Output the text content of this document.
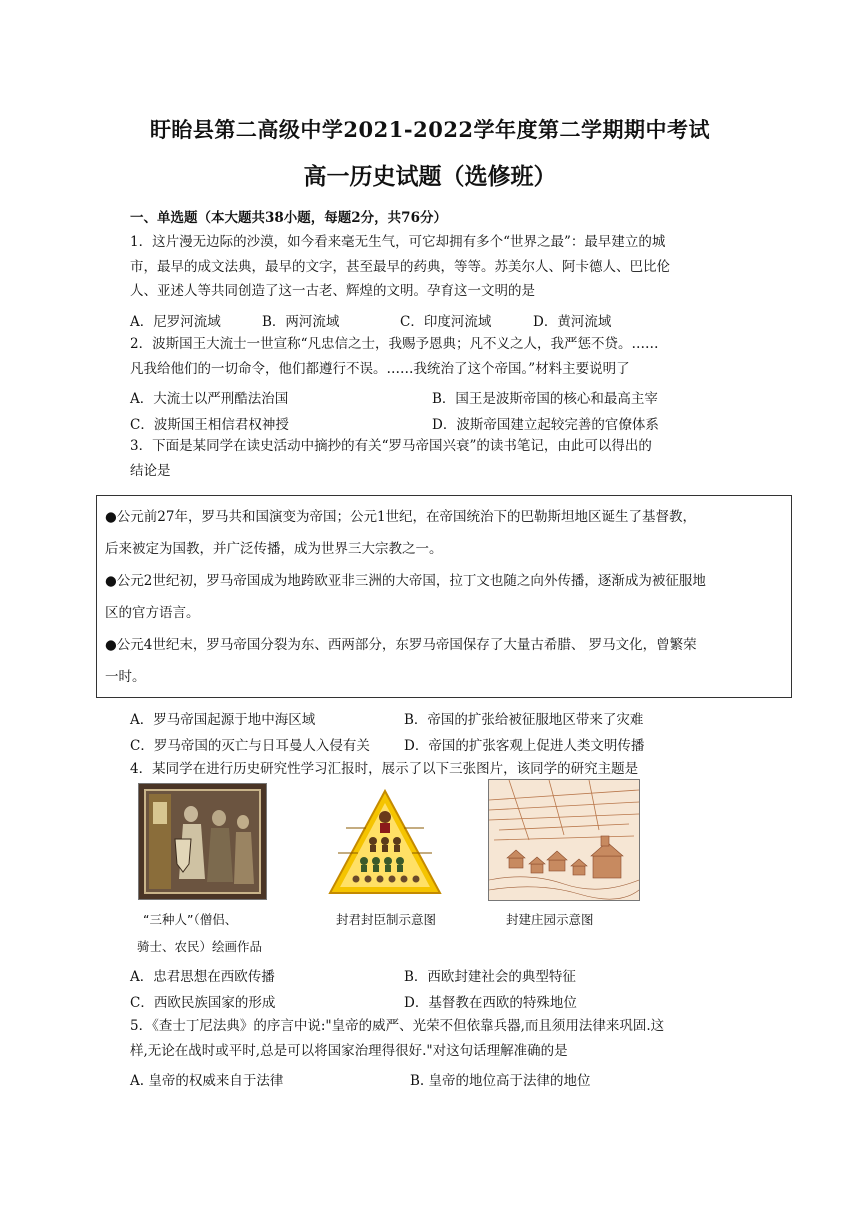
盱眙县第二高级中学2021-2022学年度第二学期期中考试
高一历史试题（选修班）
一、单选题（本大题共38小题，每题2分，共76分）
1．这片漫无边际的沙漠，如今看来毫无生气，可它却拥有多个“世界之最”：最早建立的城
市，最早的成文法典，最早的文字，甚至最早的药典，等等。苏美尔人、阿卡德人、巴比伦
人、亚述人等共同创造了这一古老、辉煌的文明。孕育这一文明的是
A．尼罗河流域	B．两河流域	C．印度河流域	D．黄河流域
2．波斯国王大流士一世宣称“凡忠信之士，我赐予恩典；凡不义之人，我严惩不贷。……
凡我给他们的一切命令，他们都遵行不误。……我统治了这个帝国。”材料主要说明了
A．大流士以严刑酷法治国	B．国王是波斯帝国的核心和最高主宰
C．波斯国王相信君权神授	D．波斯帝国建立起较完善的官僚体系
3．下面是某同学在读史活动中摘抄的有关“罗马帝国兴衰”的读书笔记，由此可以得出的
结论是

●公元前27年，罗马共和国演变为帝国；公元1世纪，在帝国统治下的巴勒斯坦地区诞生了基督教，

后来被定为国教，并广泛传播，成为世界三大宗教之一。

●公元2世纪初，罗马帝国成为地跨欧亚非三洲的大帝国，拉丁文也随之向外传播，逐渐成为被征服地

区的官方语言。

●公元4世纪末，罗马帝国分裂为东、西两部分，东罗马帝国保存了大量古希腊、 罗马文化，曾繁荣

一时。

A．罗马帝国起源于地中海区域	B．帝国的扩张给被征服地区带来了灾难
C．罗马帝国的灭亡与日耳曼人入侵有关	D．帝国的扩张客观上促进人类文明传播
4．某同学在进行历史研究性学习汇报时，展示了以下三张图片，该同学的研究主题是
“三种人”（僧侣、
骑士、农民）绘画作品
封君封臣制示意图	封建庄园示意图
A．忠君思想在西欧传播	B．西欧封建社会的典型特征
C．西欧民族国家的形成	D．基督教在西欧的特殊地位
5．《查士丁尼法典》的序言中说:"皇帝的威严、光荣不但依靠兵器,而且须用法律来巩固.这
样,无论在战时或平时,总是可以将国家治理得很好."对这句话理解准确的是
A. 皇帝的权威来自于法律	B. 皇帝的地位高于法律的地位
